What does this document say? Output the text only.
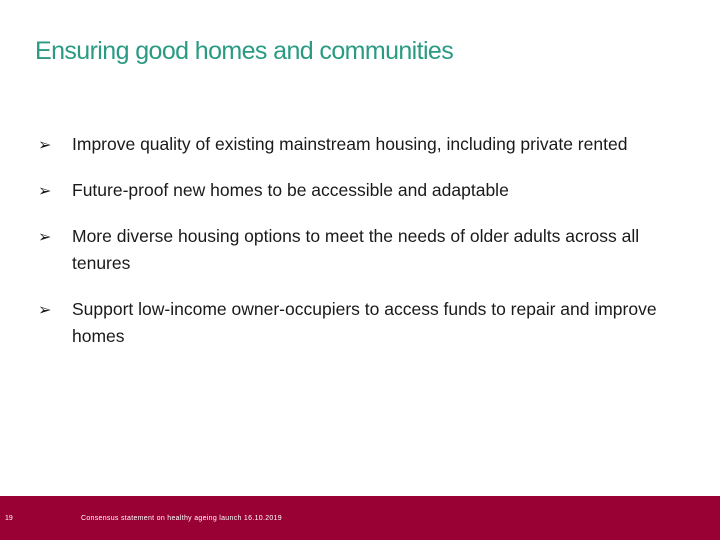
Ensuring good homes and communities
➢	Improve quality of existing mainstream housing, including private rented
➢	Future-proof new homes to be accessible and adaptable
➢	More diverse housing options to meet the needs of older adults across all tenures
➢	Support low-income owner-occupiers to access funds to repair and improve homes
19	Consensus statement on healthy ageing launch 16.10.2019
